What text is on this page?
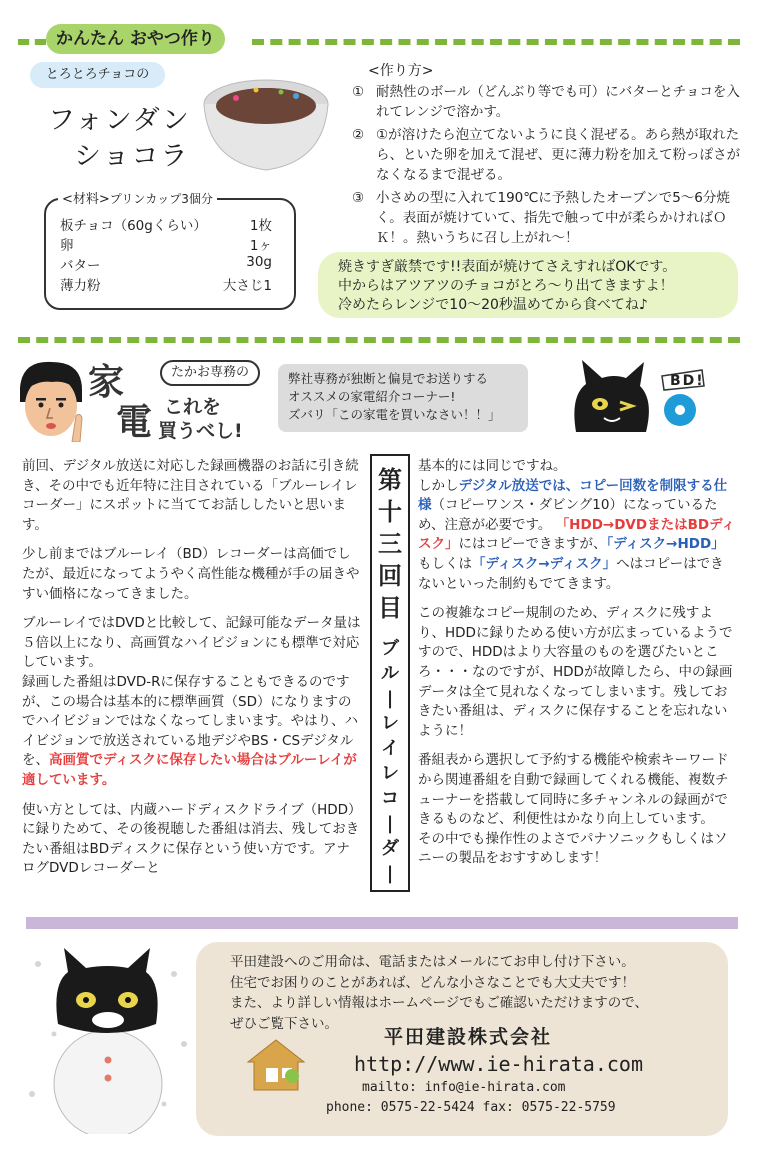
かんたん おやつ作り
とろとろチョコの
フォンダン
ショコラ
<作り方>
① 耐熱性のボール（どんぶり等でも可）にバターとチョコを入れてレンジで溶かす。
② ①が溶けたら泡立てないように良く混ぜる。あら熱が取れたら、といた卵を加えて混ぜ、更に薄力粉を加えて粉っぽさがなくなるまで混ぜる。
③ 小さめの型に入れて190℃に予熱したオーブンで5～6分焼く。表面が焼けていて、指先で触って中が柔らかければＯＫ！。熱いうちに召し上がれ～！
<材料>プリンカップ3個分
板チョコ（60gくらい）	1枚
卵	1ヶ
バター	30g
薄力粉	大さじ1
焼きすぎ厳禁です!!表面が焼けてさえすればOKです。
中からはアツアツのチョコがとろ～り出てきますよ！
冷めたらレンジで10～20秒温めてから食べてね♪
家
電
たかお専務の
これを
買うべし!
弊社専務が独断と偏見でお送りする
オススメの家電紹介コーナー!
ズバリ「この家電を買いなさい！！」
BD!

前回、デジタル放送に対応した録画機器のお話に引き続き、その中でも近年特に注目されている「ブルーレイレコーダー」にスポットに当ててお話ししたいと思います。

少し前まではブルーレイ（BD）レコーダーは高価でしたが、最近になってようやく高性能な機種が手の届きやすい価格になってきました。

ブルーレイではDVDと比較して、記録可能なデータ量は５倍以上になり、高画質なハイビジョンにも標準で対応しています。
録画した番組はDVD-Rに保存することもできるのですが、この場合は基本的に標準画質（SD）になりますのでハイビジョンではなくなってしまいます。やはり、ハイビジョンで放送されている地デジやBS・CSデジタルを、高画質でディスクに保存したい場合はブルーレイが適しています。

使い方としては、内蔵ハードディスクドライブ（HDD）に録りためて、その後視聴した番組は消去、残しておきたい番組はBDディスクに保存という使い方です。アナログDVDレコーダーと

第
十
三
回
目
ブ
ル
|
レ
イ
レ
コ
|
ダ
|
基本的には同じですね。
しかしデジタル放送では、コピー回数を制限する仕様（コピーワンス・ダビング10）になっているため、注意が必要です。 「HDD→DVDまたはBDディスク」にはコピーできますが、「ディスク→HDD」もしくは「ディスク→ディスク」へはコピーはできないといった制約もでてきます。

この複雑なコピー規制のため、ディスクに残すより、HDDに録りためる使い方が広まっているようですので、HDDはより大容量のものを選びたいところ・・・なのですが、HDDが故障したら、中の録画データは全て見れなくなってしまいます。残しておきたい番組は、ディスクに保存することを忘れないように！

番組表から選択して予約する機能や検索キーワードから関連番組を自動で録画してくれる機能、複数チューナーを搭載して同時に多チャンネルの録画ができるものなど、利便性はかなり向上しています。
その中でも操作性のよさでパナソニックもしくはソニーの製品をおすすめします！
平田建設へのご用命は、電話またはメールにてお申し付け下さい。
住宅でお困りのことがあれば、どんな小さなことでも大丈夫です！
また、より詳しい情報はホームページでもご確認いただけますので、
ぜひご覧下さい。
平田建設株式会社
http://www.ie-hirata.com
mailto: info@ie-hirata.com
phone: 0575-22-5424 fax: 0575-22-5759
